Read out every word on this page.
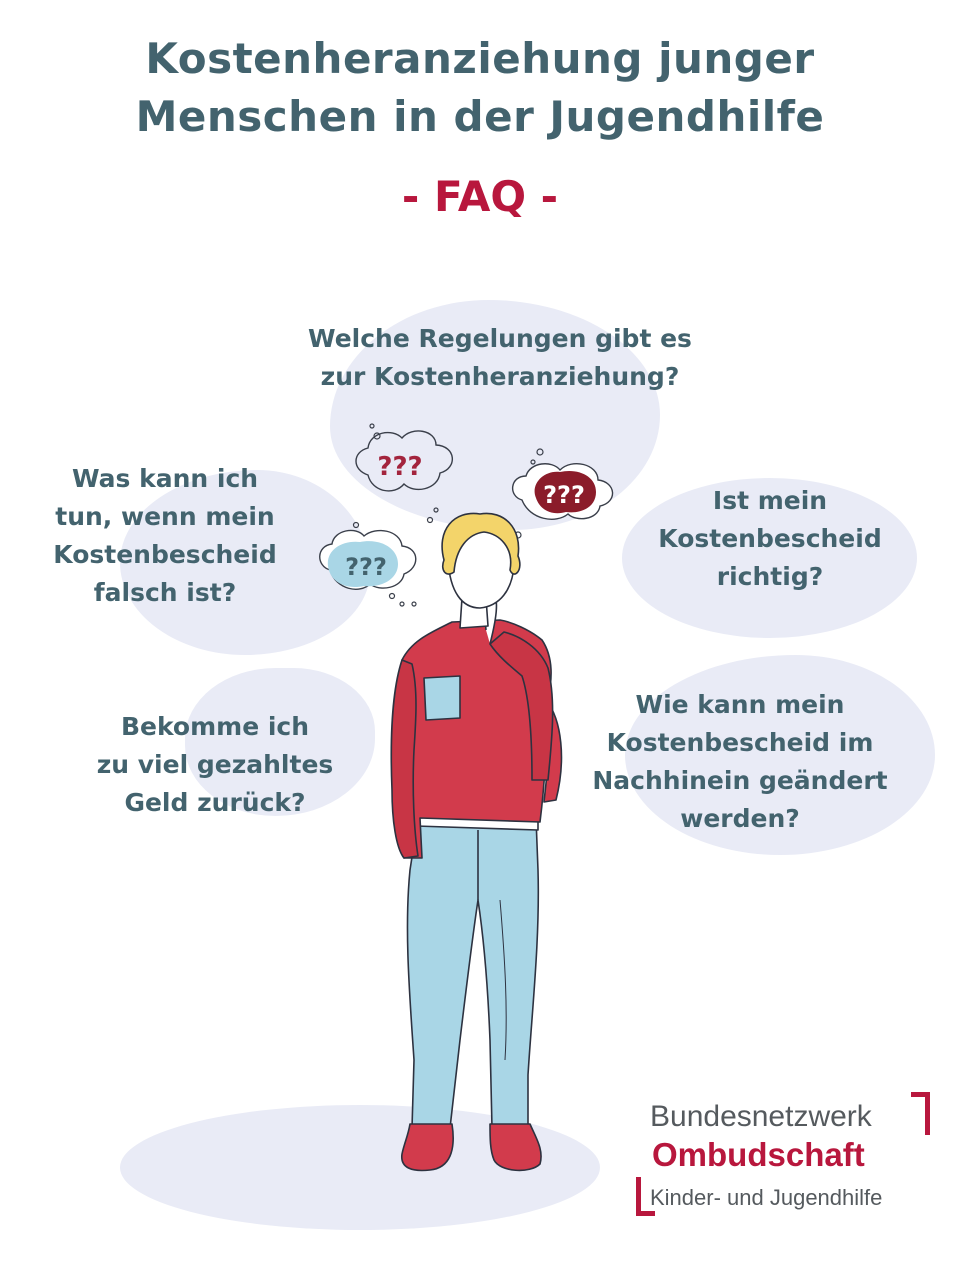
Kostenheranziehung junger
Menschen in der Jugendhilfe
- FAQ -
Welche Regelungen gibt es
zur Kostenheranziehung?
Was kann ich
tun, wenn mein
Kostenbescheid
falsch ist?
Ist mein
Kostenbescheid
richtig?
Bekomme ich
zu viel gezahltes
Geld zurück?
Wie kann mein
Kostenbescheid im
Nachhinein geändert
werden?
???
???
???
Bundesnetzwerk
Ombudschaft
Kinder- und Jugendhilfe
